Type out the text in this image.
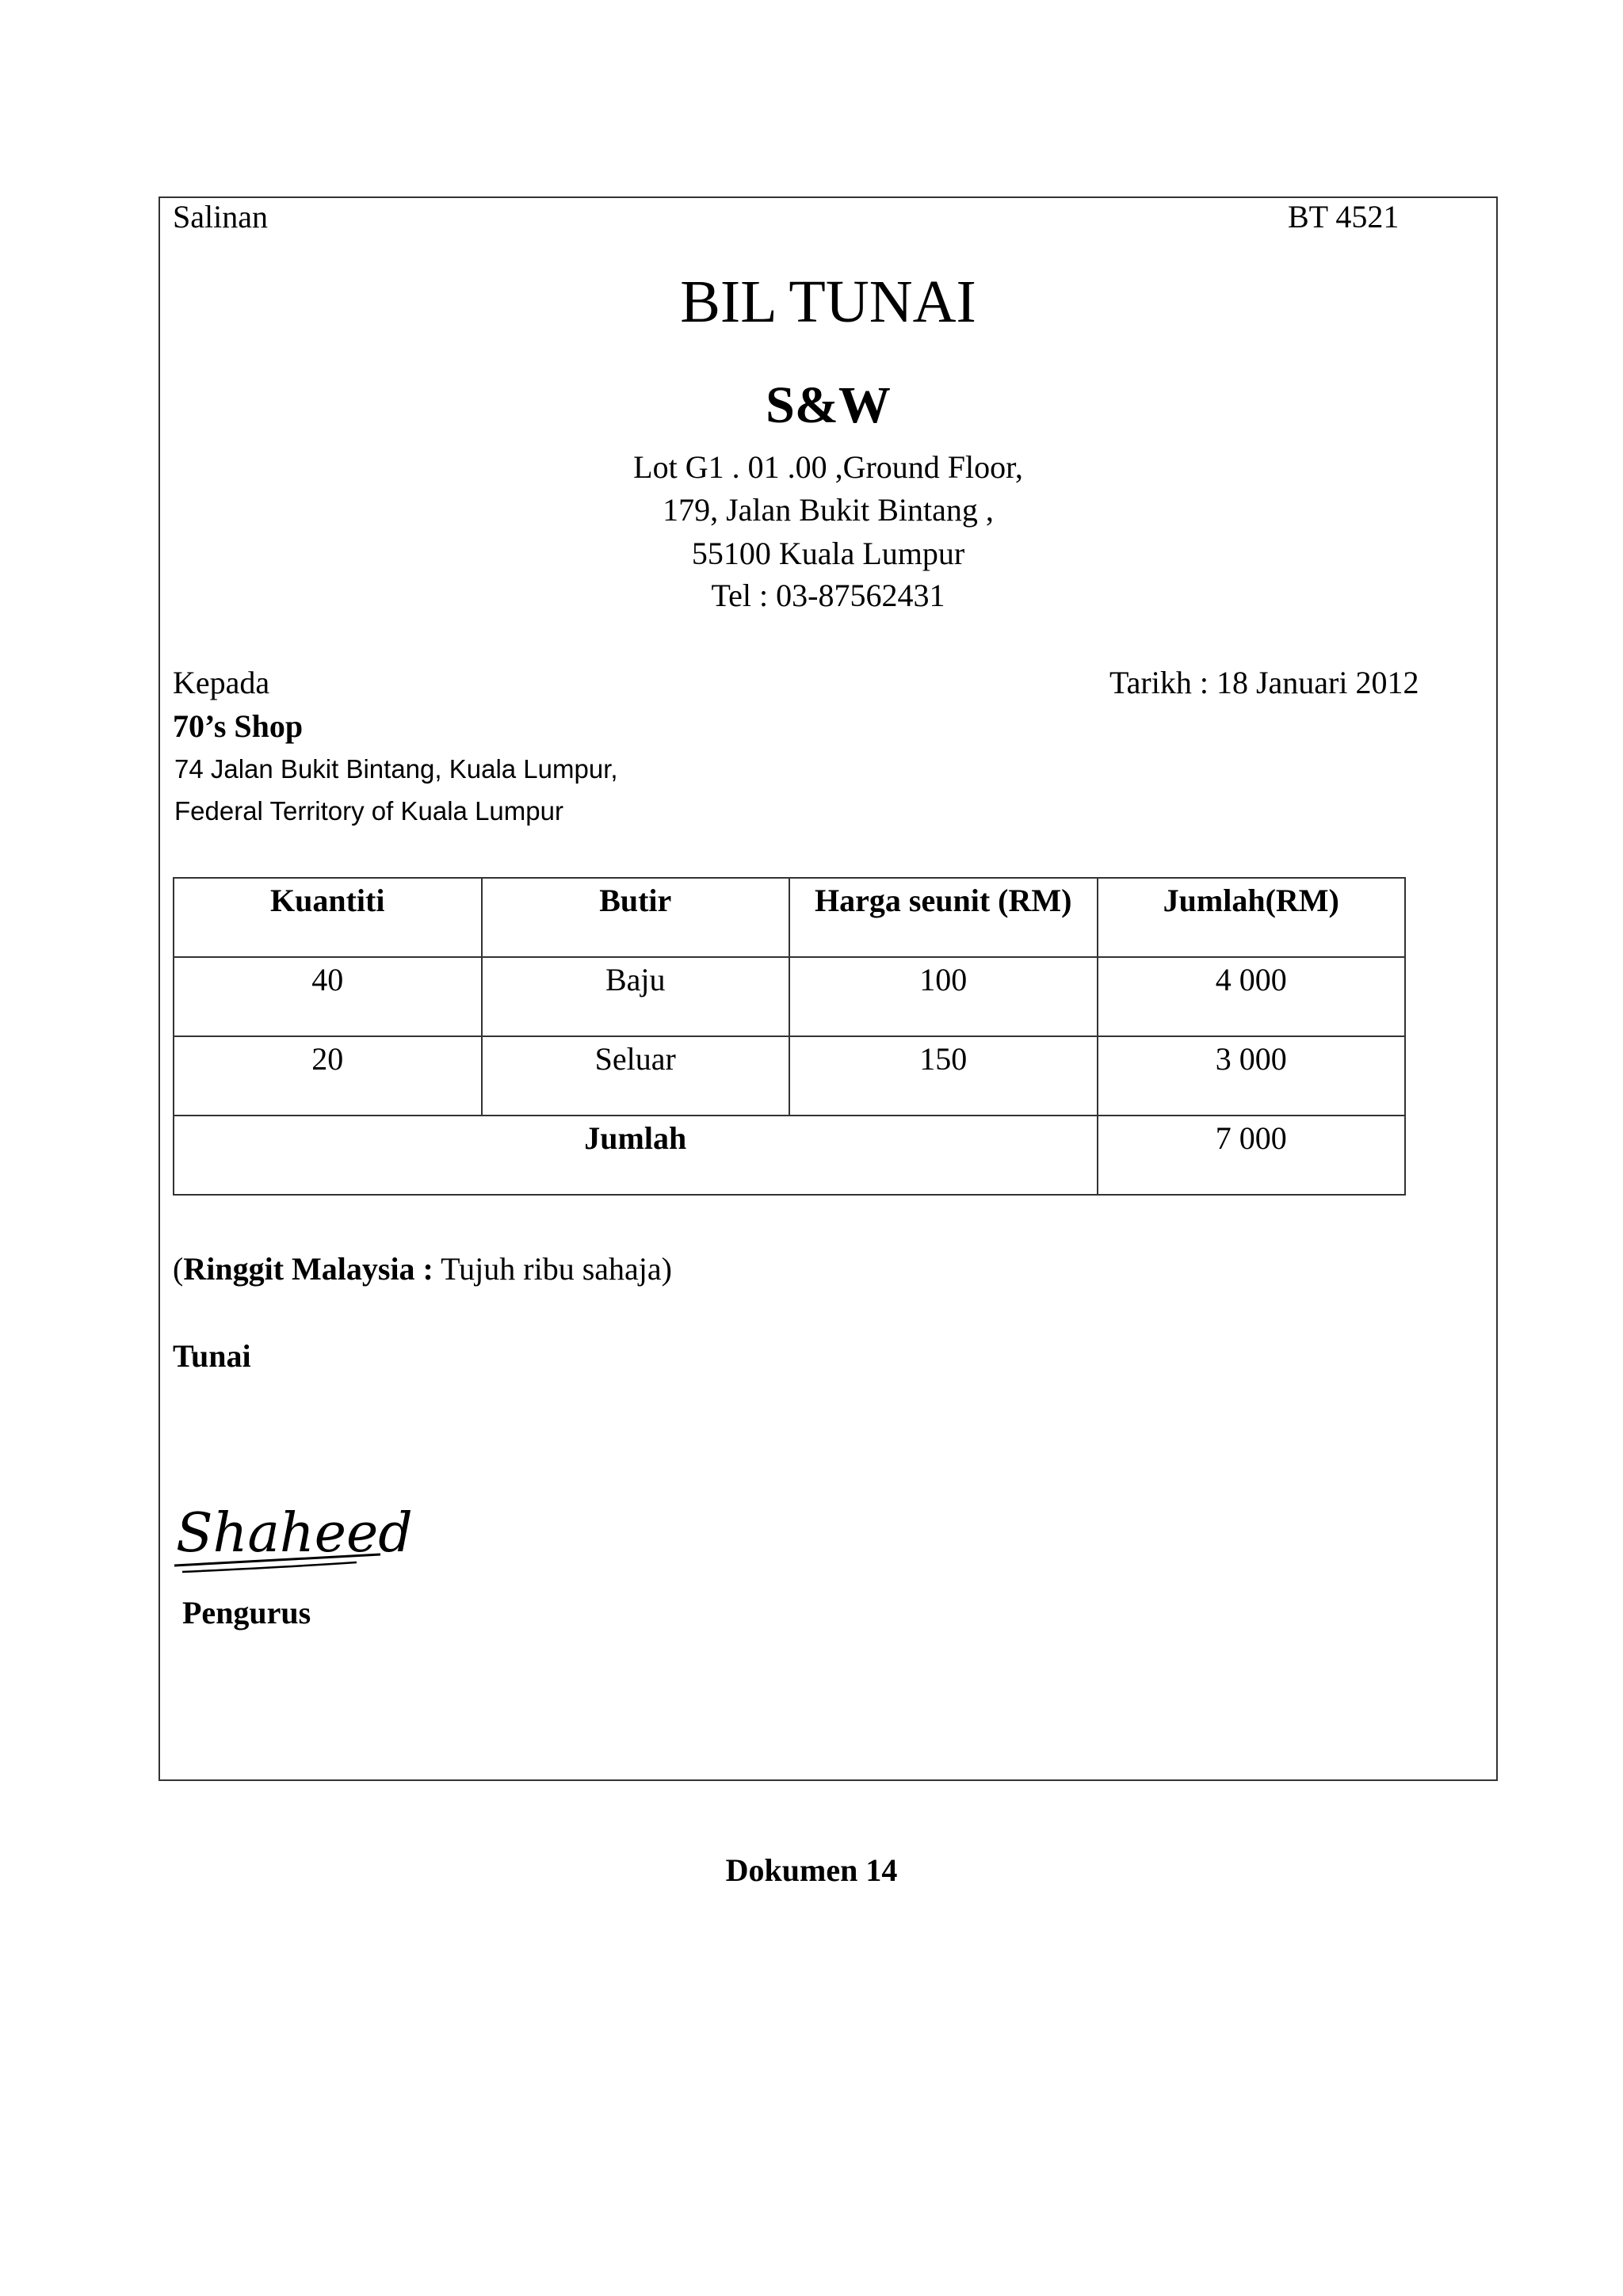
Salinan	BT 4521
BIL TUNAI
S&W
Lot G1 . 01 .00 ,Ground Floor,
179, Jalan Bukit Bintang ,
55100 Kuala Lumpur
Tel : 03-87562431
Kepada	Tarikh : 18 Januari 2012
70’s Shop
74 Jalan Bukit Bintang, Kuala Lumpur,
Federal Territory of Kuala Lumpur
Kuantiti	Butir	Harga seunit (RM)	Jumlah(RM)
40	Baju	100	4 000
20	Seluar	150	3 000
Jumlah			7 000
(Ringgit Malaysia : Tujuh ribu sahaja)
Tunai
Shaheed
Pengurus
Dokumen 14
